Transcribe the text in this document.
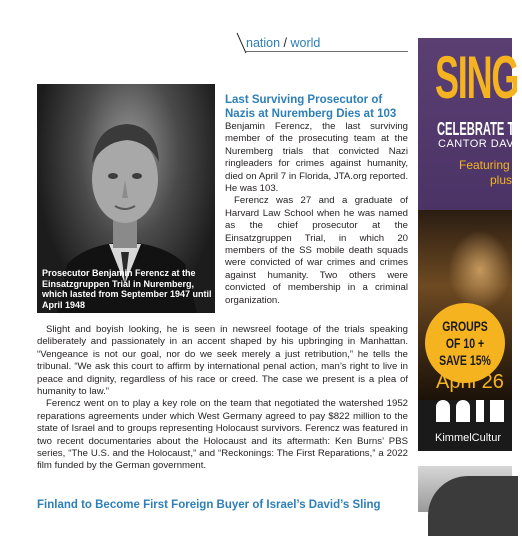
nation / world
Prosecutor Benjamin Ferencz at the Einsatzgruppen Trial in Nuremberg, which lasted from September 1947 until April 1948
Last Surviving Prosecutor of Nazis at Nuremberg Dies at 103

Benjamin Ferencz, the last surviving member of the prosecuting team at the Nuremberg trials that convicted Nazi ringleaders for crimes against humanity, died on April 7 in Florida, JTA.org reported. He was 103.

Ferencz was 27 and a graduate of Harvard Law School when he was named as the chief prosecutor at the Einsatzgruppen Trial, in which 20 members of the SS mobile death squads were convicted of war crimes and crimes against humanity. Two others were convicted of membership in a criminal organization.

Slight and boyish looking, he is seen in newsreel footage of the trials speaking deliberately and passionately in an accent shaped by his upbringing in Manhattan. “Vengeance is not our goal, nor do we seek merely a just retribution,” he tells the tribunal. “We ask this court to affirm by international penal action, man’s right to live in peace and dignity, regardless of his race or creed. The case we present is a plea of humanity to law.”

Ferencz went on to play a key role on the team that negotiated the watershed 1952 reparations agreements under which West Germany agreed to pay $822 million to the state of Israel and to groups representing Holocaust survivors. Ferencz was featured in two recent documentaries about the Holocaust and its aftermath: Ken Burns’ PBS series, “The U.S. and the Holocaust,” and “Reckonings: The First Reparations,” a 2022 film funded by the German government.

Finland to Become First Foreign Buyer of Israel’s David’s Sling
SING
CELEBRATE TH
CANTOR DAVI
Featuring
plus
GROUPS
OF 10 +
SAVE 15%
April 26
KimmelCultur
